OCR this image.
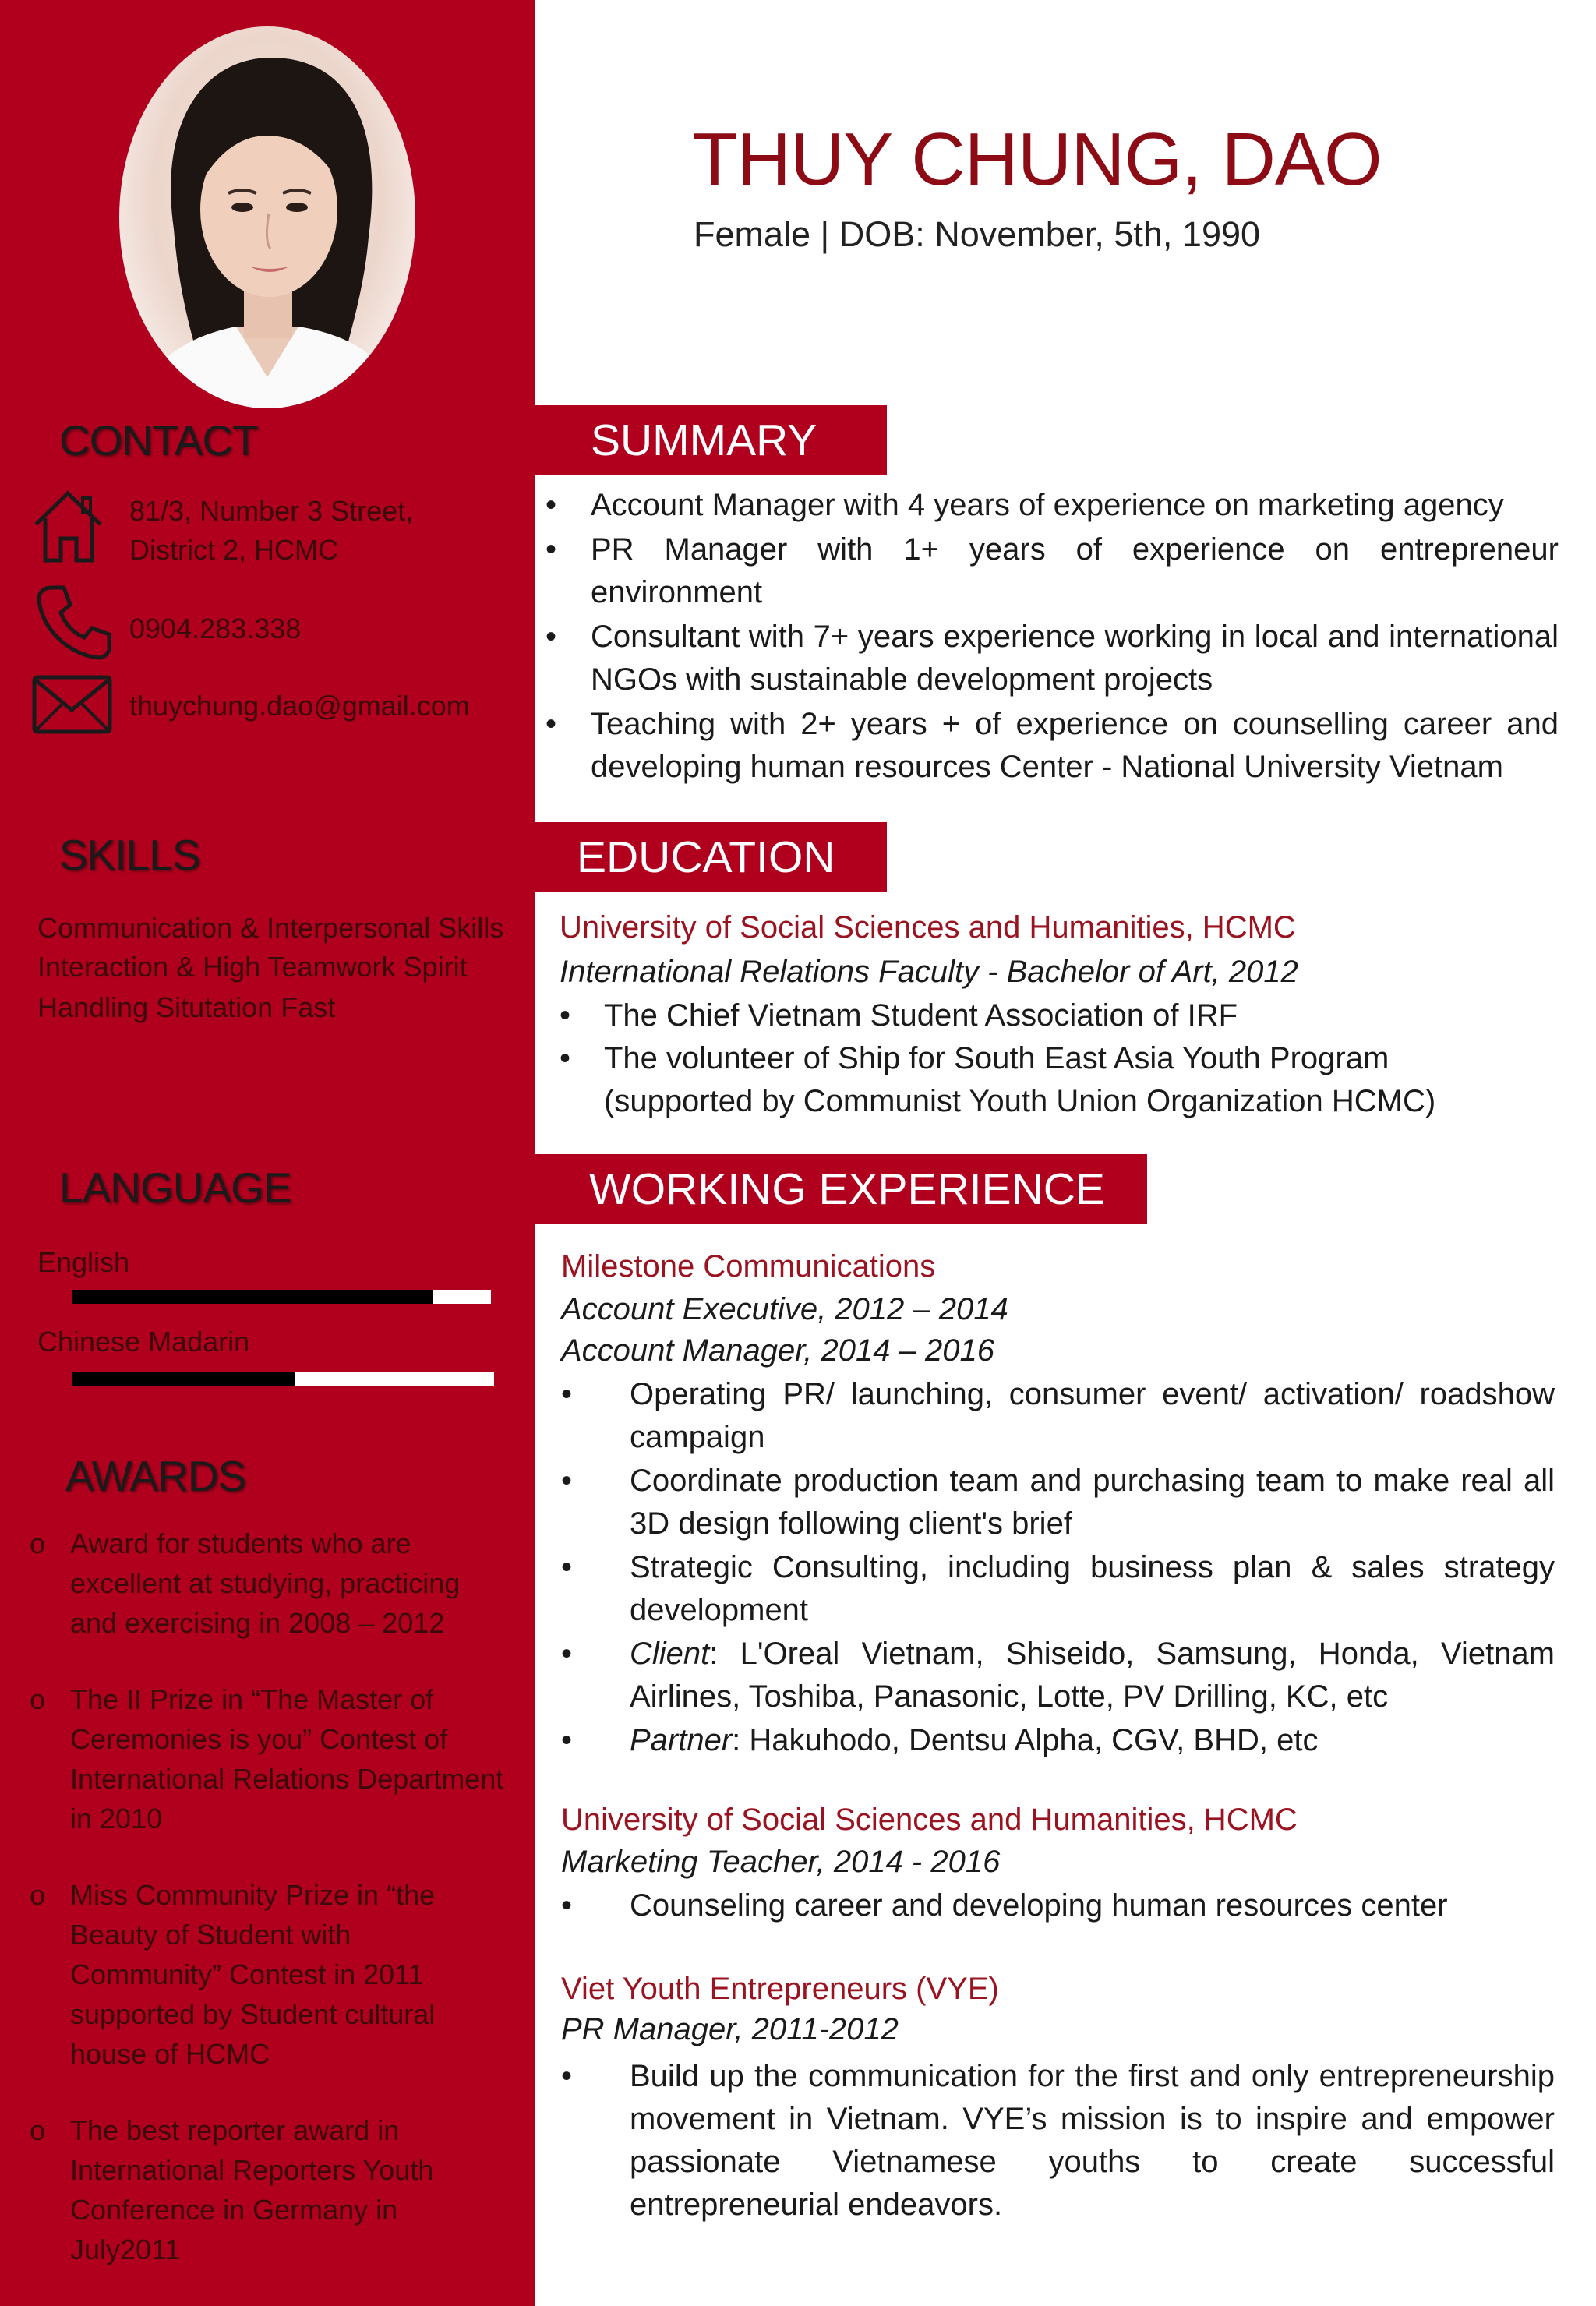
CONTACT
81/3, Number 3 Street,
District 2, HCMC
0904.283.338
thuychung.dao@gmail.com
SKILLS
Communication & Interpersonal Skills
Interaction & High Teamwork Spirit
Handling Situtation Fast
LANGUAGE
English
Chinese Madarin
AWARDS
o Award for students who are excellent at studying, practicing and exercising in 2008 – 2012
o The II Prize in “The Master of Ceremonies is you” Contest of International Relations Department in 2010
o Miss Community Prize in “the Beauty of Student with Community” Contest in 2011 supported by Student cultural house of HCMC
o The best reporter award in International Reporters Youth Conference in Germany in July2011
THUY CHUNG, DAO
Female | DOB: November, 5th, 1990
SUMMARY
• Account Manager with 4 years of experience on marketing agency
• PR Manager with 1+ years of experience on entrepreneur environment
• Consultant with 7+ years experience working in local and international NGOs with sustainable development projects
• Teaching with 2+ years + of experience on counselling career and developing human resources Center - National University Vietnam
EDUCATION
University of Social Sciences and Humanities, HCMC
International Relations Faculty - Bachelor of Art, 2012
• The Chief Vietnam Student Association of IRF
• The volunteer of Ship for South East Asia Youth Program (supported by Communist Youth Union Organization HCMC)
WORKING EXPERIENCE
Milestone Communications
Account Executive, 2012 – 2014
Account Manager, 2014 – 2016
• Operating PR/ launching, consumer event/ activation/ roadshow campaign
• Coordinate production team and purchasing team to make real all 3D design following client's brief
• Strategic Consulting, including business plan & sales strategy development
• Client: L'Oreal Vietnam, Shiseido, Samsung, Honda, Vietnam Airlines, Toshiba, Panasonic, Lotte, PV Drilling, KC, etc
• Partner: Hakuhodo, Dentsu Alpha, CGV, BHD, etc
University of Social Sciences and Humanities, HCMC
Marketing Teacher, 2014 - 2016
• Counseling career and developing human resources center
Viet Youth Entrepreneurs (VYE)
PR Manager, 2011-2012
• Build up the communication for the first and only entrepreneurship movement in Vietnam. VYE’s mission is to inspire and empower passionate Vietnamese youths to create successful entrepreneurial endeavors.
